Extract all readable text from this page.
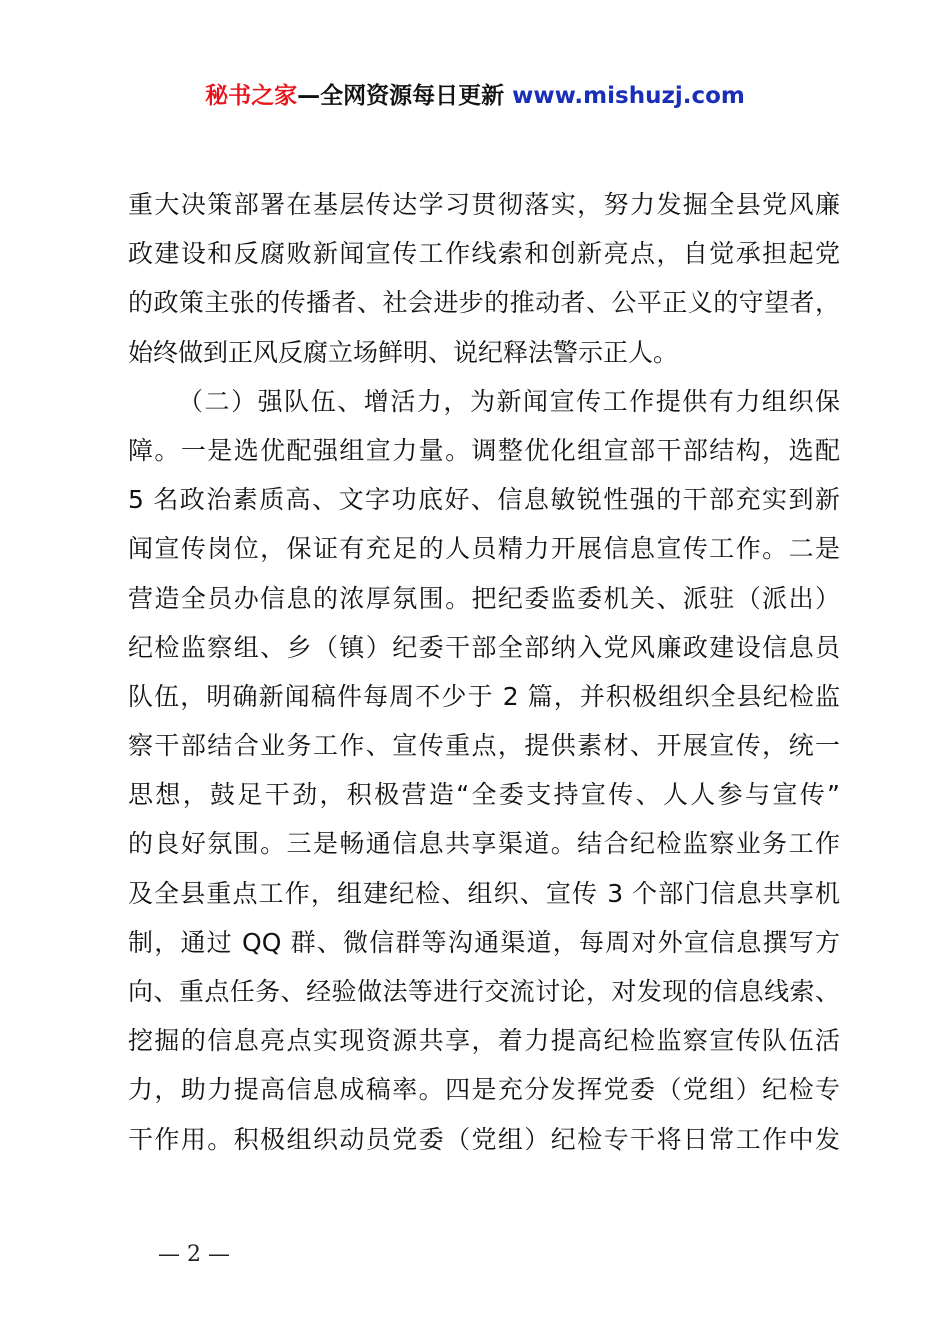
秘书之家—全网资源每日更新 www.mishuzj.com
重大决策部署在基层传达学习贯彻落实，努力发掘全县党风廉
政建设和反腐败新闻宣传工作线索和创新亮点，自觉承担起党
的政策主张的传播者、社会进步的推动者、公平正义的守望者，
始终做到正风反腐立场鲜明、说纪释法警示正人。
（二）强队伍、增活力，为新闻宣传工作提供有力组织保
障。一是选优配强组宣力量。调整优化组宣部干部结构，选配
5 名政治素质高、文字功底好、信息敏锐性强的干部充实到新
闻宣传岗位，保证有充足的人员精力开展信息宣传工作。二是
营造全员办信息的浓厚氛围。把纪委监委机关、派驻（派出）
纪检监察组、乡（镇）纪委干部全部纳入党风廉政建设信息员
队伍，明确新闻稿件每周不少于 2 篇，并积极组织全县纪检监
察干部结合业务工作、宣传重点，提供素材、开展宣传，统一
思想，鼓足干劲，积极营造“全委支持宣传、人人参与宣传”
的良好氛围。三是畅通信息共享渠道。结合纪检监察业务工作
及全县重点工作，组建纪检、组织、宣传 3 个部门信息共享机
制，通过 QQ 群、微信群等沟通渠道，每周对外宣信息撰写方
向、重点任务、经验做法等进行交流讨论，对发现的信息线索、
挖掘的信息亮点实现资源共享，着力提高纪检监察宣传队伍活
力，助力提高信息成稿率。四是充分发挥党委（党组）纪检专
干作用。积极组织动员党委（党组）纪检专干将日常工作中发
— 2 —
